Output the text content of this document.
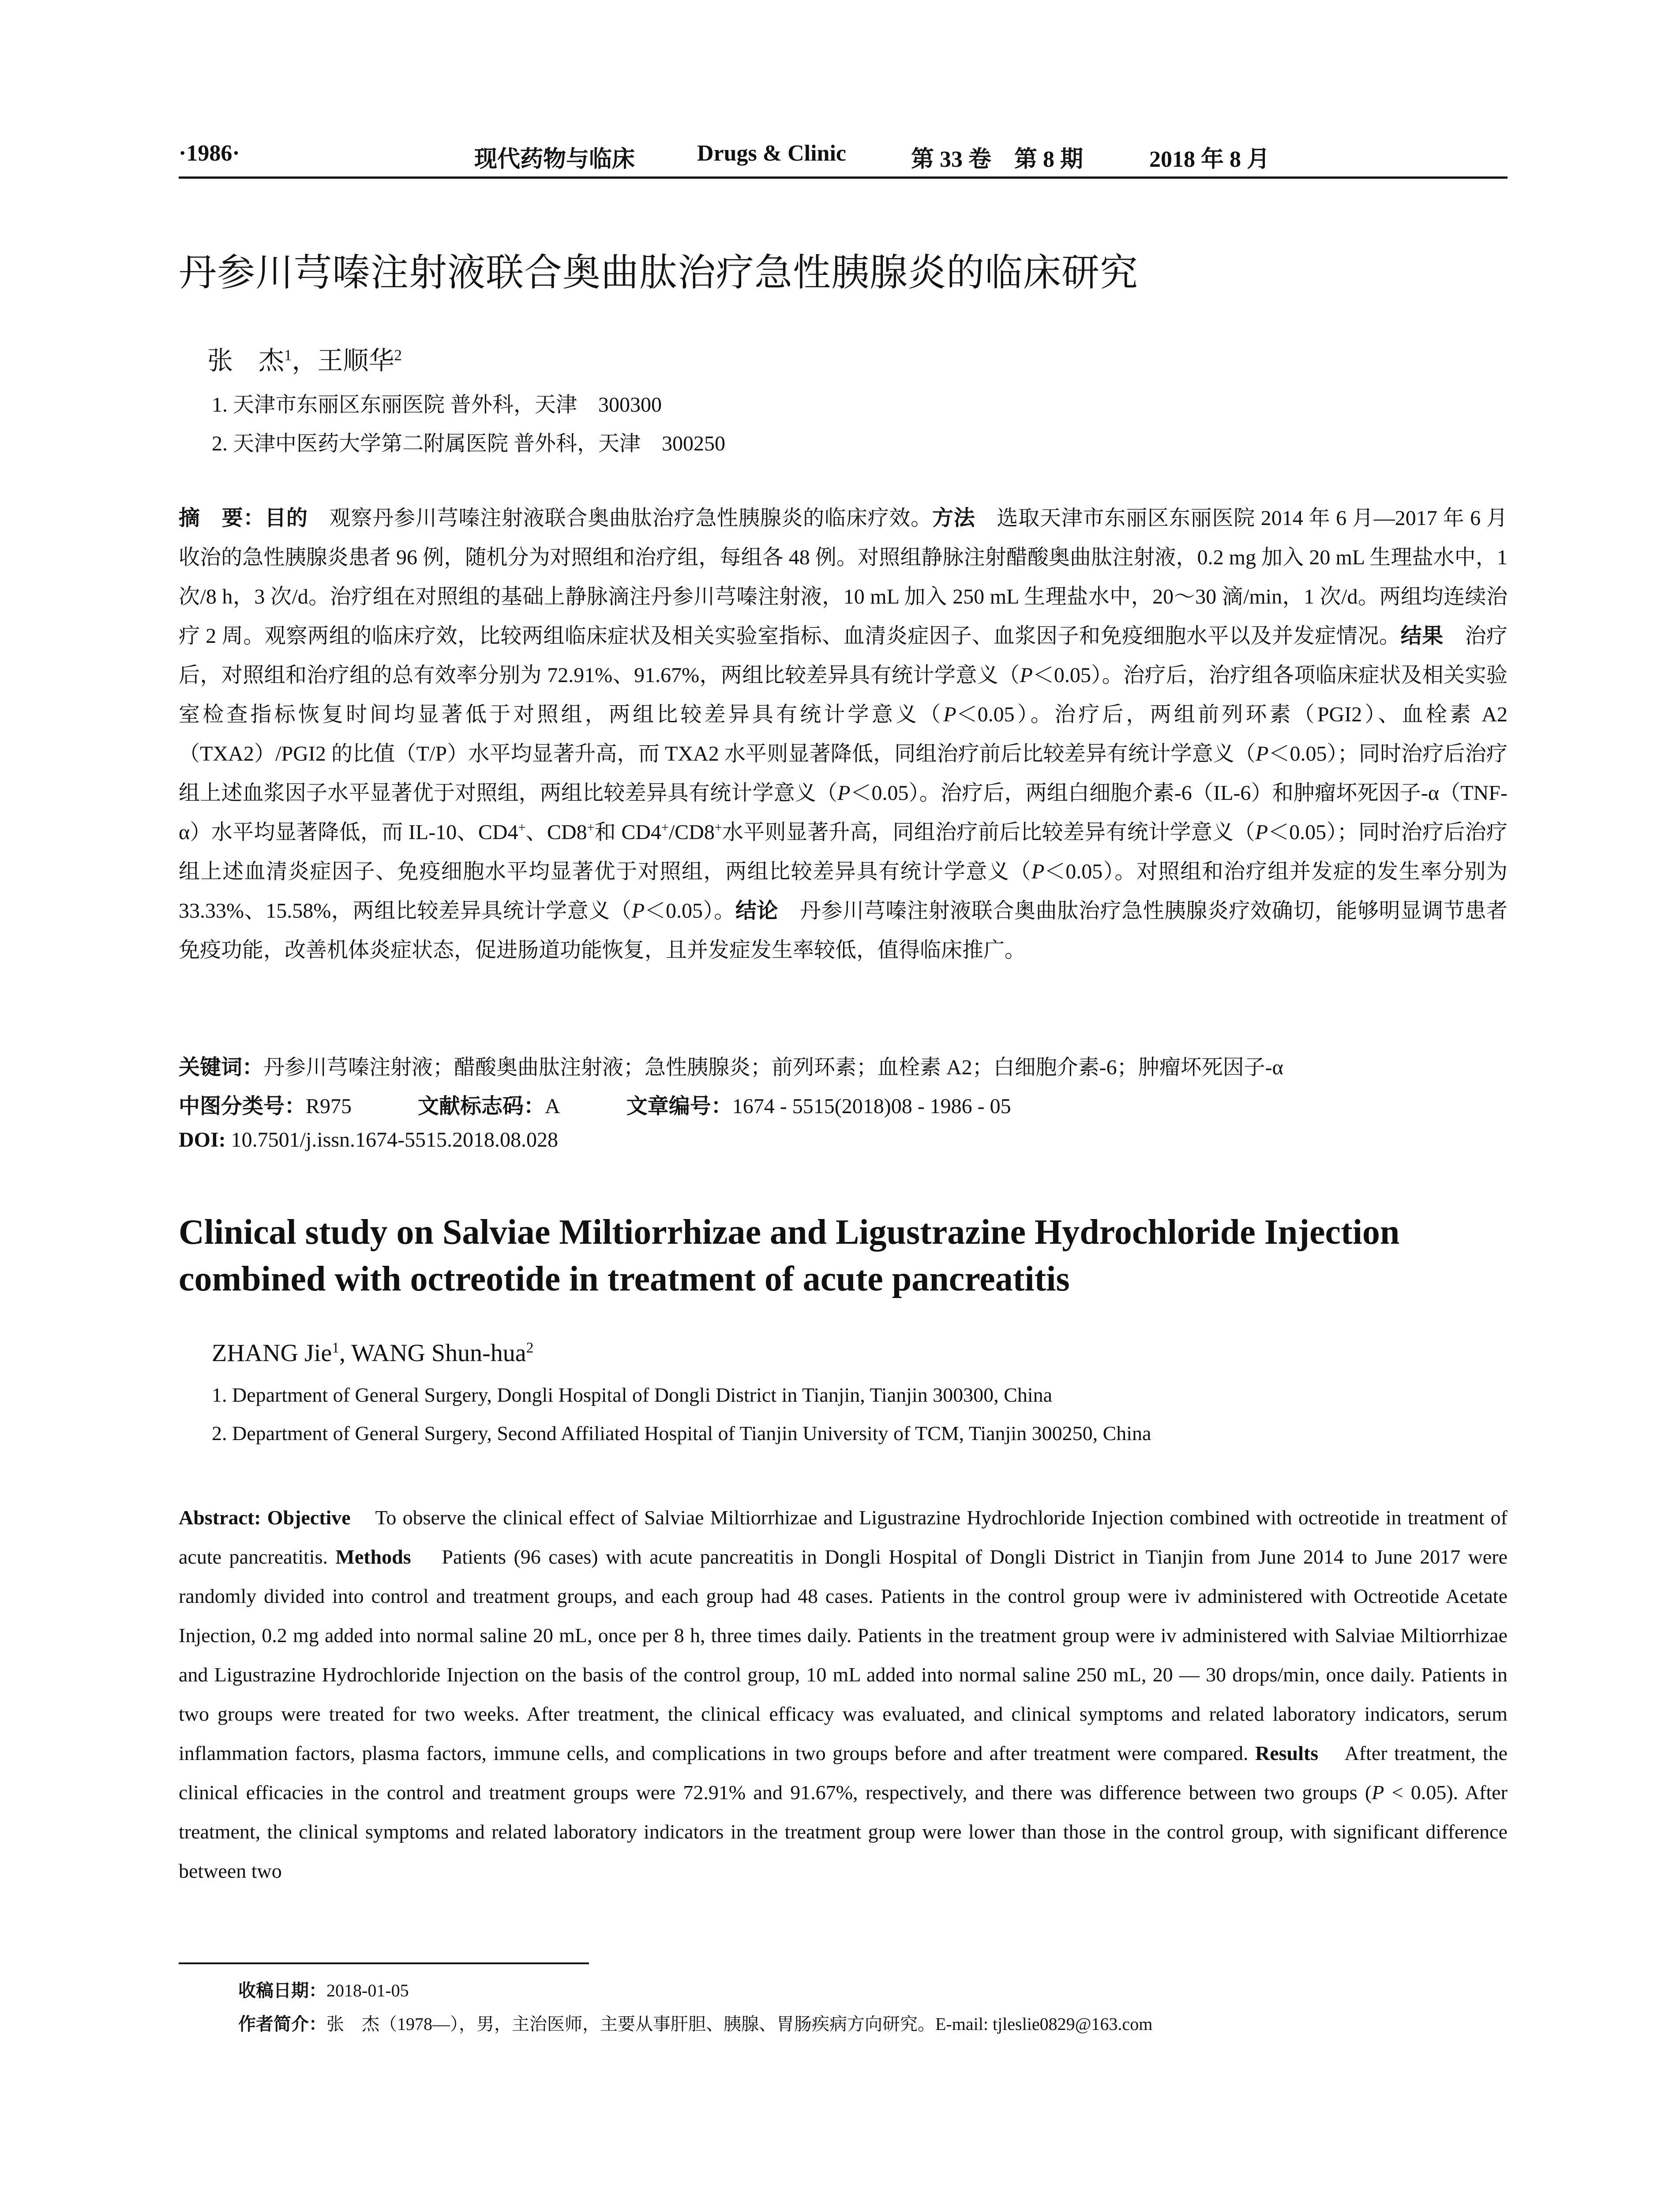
·1986·	现代药物与临床	Drugs & Clinic	第 33 卷　第 8 期	2018 年 8 月
丹参川芎嗪注射液联合奥曲肽治疗急性胰腺炎的临床研究
张　杰$^1$，王顺华$^2$
1. 天津市东丽区东丽医院 普外科，天津　300300
2. 天津中医药大学第二附属医院 普外科，天津　300250
摘　要：目的　 观察丹参川芎嗪注射液联合奥曲肽治疗急性胰腺炎的临床疗效。方法　 选取天津市东丽区东丽医院 2014 年 6 月—2017 年 6 月收治的急性胰腺炎患者 96 例，随机分为对照组和治疗组，每组各 48 例。对照组静脉注射醋酸奥曲肽注射液，0.2 mg 加入 20 mL 生理盐水中，1 次/8 h，3 次/d。治疗组在对照组的基础上静脉滴注丹参川芎嗪注射液，10 mL 加入 250 mL 生理盐水中，20～30 滴/min，1 次/d。两组均连续治疗 2 周。观察两组的临床疗效，比较两组临床症状及相关实验室指标、血清炎症因子、血浆因子和免疫细胞水平以及并发症情况。结果　 治疗后，对照组和治疗组的总有效率分别为 72.91%、91.67%，两组比较差异具有统计学意义（P＜0.05）。治疗后，治疗组各项临床症状及相关实验室检查指标恢复时间均显著低于对照组，两组比较差异具有统计学意义（P＜0.05）。治疗后，两组前列环素（PGI2）、血栓素 A2（TXA2）/PGI2 的比值（T/P）水平均显著升高，而 TXA2 水平则显著降低，同组治疗前后比较差异有统计学意义（P＜0.05）；同时治疗后治疗组上述血浆因子水平显著优于对照组，两组比较差异具有统计学意义（P＜0.05）。治疗后，两组白细胞介素-6（IL-6）和肿瘤坏死因子-α（TNF-α）水平均显著降低，而 IL-10、CD4+、CD8+和 CD4+/CD8+水平则显著升高，同组治疗前后比较差异有统计学意义（P＜0.05）；同时治疗后治疗组上述血清炎症因子、免疫细胞水平均显著优于对照组，两组比较差异具有统计学意义（P＜0.05）。对照组和治疗组并发症的发生率分别为 33.33%、15.58%，两组比较差异具统计学意义（P＜0.05）。结论　 丹参川芎嗪注射液联合奥曲肽治疗急性胰腺炎疗效确切，能够明显调节患者免疫功能，改善机体炎症状态，促进肠道功能恢复，且并发症发生率较低，值得临床推广。
关键词：丹参川芎嗪注射液；醋酸奥曲肽注射液；急性胰腺炎；前列环素；血栓素 A2；白细胞介素-6；肿瘤坏死因子-α
中图分类号：R975	文献标志码：A	文章编号：1674 - 5515(2018)08 - 1986 - 05
DOI: 10.7501/j.issn.1674-5515.2018.08.028
Clinical study on Salviae Miltiorrhizae and Ligustrazine Hydrochloride Injection combined with octreotide in treatment of acute pancreatitis
ZHANG Jie$^1$, WANG Shun-hua$^2$
1. Department of General Surgery, Dongli Hospital of Dongli District in Tianjin, Tianjin 300300, China
2. Department of General Surgery, Second Affiliated Hospital of Tianjin University of TCM, Tianjin 300250, China
Abstract: Objective To observe the clinical effect of Salviae Miltiorrhizae and Ligustrazine Hydrochloride Injection combined with octreotide in treatment of acute pancreatitis. Methods Patients (96 cases) with acute pancreatitis in Dongli Hospital of Dongli District in Tianjin from June 2014 to June 2017 were randomly divided into control and treatment groups, and each group had 48 cases. Patients in the control group were iv administered with Octreotide Acetate Injection, 0.2 mg added into normal saline 20 mL, once per 8 h, three times daily. Patients in the treatment group were iv administered with Salviae Miltiorrhizae and Ligustrazine Hydrochloride Injection on the basis of the control group, 10 mL added into normal saline 250 mL, 20 — 30 drops/min, once daily. Patients in two groups were treated for two weeks. After treatment, the clinical efficacy was evaluated, and clinical symptoms and related laboratory indicators, serum inflammation factors, plasma factors, immune cells, and complications in two groups before and after treatment were compared. Results After treatment, the clinical efficacies in the control and treatment groups were 72.91% and 91.67%, respectively, and there was difference between two groups (P < 0.05). After treatment, the clinical symptoms and related laboratory indicators in the treatment group were lower than those in the control group, with significant difference between two
收稿日期：2018-01-05
作者简介：张　杰（1978—），男，主治医师，主要从事肝胆、胰腺、胃肠疾病方向研究。E-mail: tjleslie0829@163.com
